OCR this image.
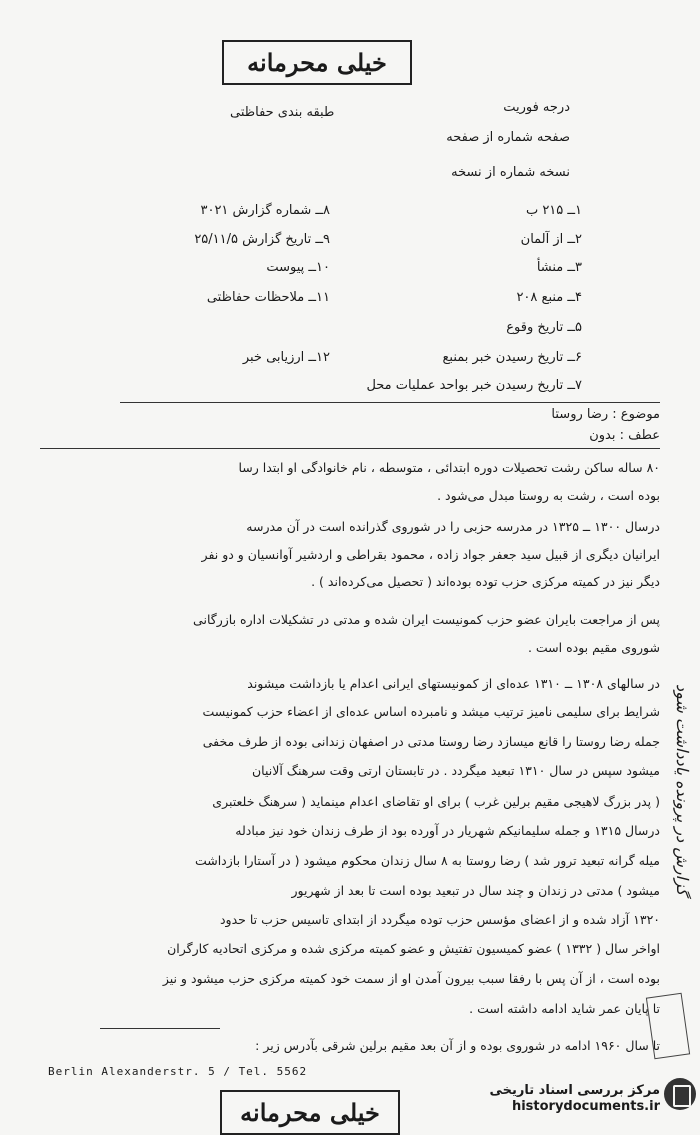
خیلی محرمانه
طبقه بندی حفاظتی	درجه فوریت
صفحه شماره از صفحه
نسخه شماره از نسخه
۱ــ ۲۱۵ ب
۲ــ از آلمان
۳ــ منشأ
۴ــ منبع ۲۰۸
۵ــ تاریخ وقوع
۶ــ تاریخ رسیدن خبر بمنبع
۷ــ تاریخ رسیدن خبر بواحد عملیات محل
۸ــ شماره گزارش ۳۰۲۱
۹ــ تاریخ گزارش ۲۵/۱۱/۵
۱۰ــ پیوست
۱۱ــ ملاحظات حفاظتی
۱۲ــ ارزیابی خبر
موضوع : رضا روستا
عطف : بدون
۸۰ ساله ساکن رشت تحصیلات دوره ابتدائی ، متوسطه ، نام خانوادگی او ابتدا رسا
بوده است ، رشت به روستا مبدل می‌شود .
درسال ۱۳۰۰ ــ ۱۳۲۵ در مدرسه حزبی را در شوروی گذرانده است در آن مدرسه
ایرانیان دیگری از قبیل سید جعفر جواد زاده ، محمود بقراطی و اردشیر آوانسیان و دو نفر
دیگر نیز در کمیته مرکزی حزب توده بوده‌اند ( تحصیل می‌کرده‌اند ) .
پس از مراجعت بایران عضو حزب کمونیست ایران شده و مدتی در تشکیلات اداره بازرگانی
شوروی مقیم بوده است .
در سالهای ۱۳۰۸ ــ ۱۳۱۰ عده‌ای از کمونیستهای ایرانی اعدام یا بازداشت میشوند
شرایط برای سلیمی نامیز ترتیب میشد و نامبرده اساس عده‌ای از اعضاء حزب کمونیست
جمله رضا روستا را قانع میسازد رضا روستا مدتی در اصفهان زندانی بوده از طرف مخفی
میشود سپس در سال ۱۳۱۰ تبعید میگردد . در تابستان ارتی وقت سرهنگ آلانیان
( پدر بزرگ لاهیجی مقیم برلین غرب ) برای او تقاضای اعدام مینماید ( سرهنگ خلعتبری
درسال ۱۳۱۵ و جمله سلیمانیکم شهریار در آورده بود از طرف زندان خود نیز مبادله
میله گرانه تبعید ترور شد ) رضا روستا به ۸ سال زندان محکوم میشود ( در آستارا بازداشت
میشود ) مدتی در زندان و چند سال در تبعید بوده است تا بعد از شهریور
۱۳۲۰ آزاد شده و از اعضای مؤسس حزب توده میگردد از ابتدای تاسیس حزب تا حدود
اواخر سال ( ۱۳۳۲ ) عضو کمیسیون تفتیش و عضو کمیته مرکزی شده و مرکزی اتحادیه کارگران
بوده است ، از آن پس با رفقا سبب بیرون آمدن او از سمت خود کمیته مرکزی حزب میشود و نیز
تا پایان عمر شاید ادامه داشته است .
تا سال ۱۹۶۰ ادامه در شوروی بوده و از آن بعد مقیم برلین شرقی بآدرس زیر :
Berlin Alexanderstr. 5 / Tel. 5562
گزارش در پرونده یادداشت شود
خیلی محرمانه
مرکز بررسی اسناد تاریخی
historydocuments.ir
